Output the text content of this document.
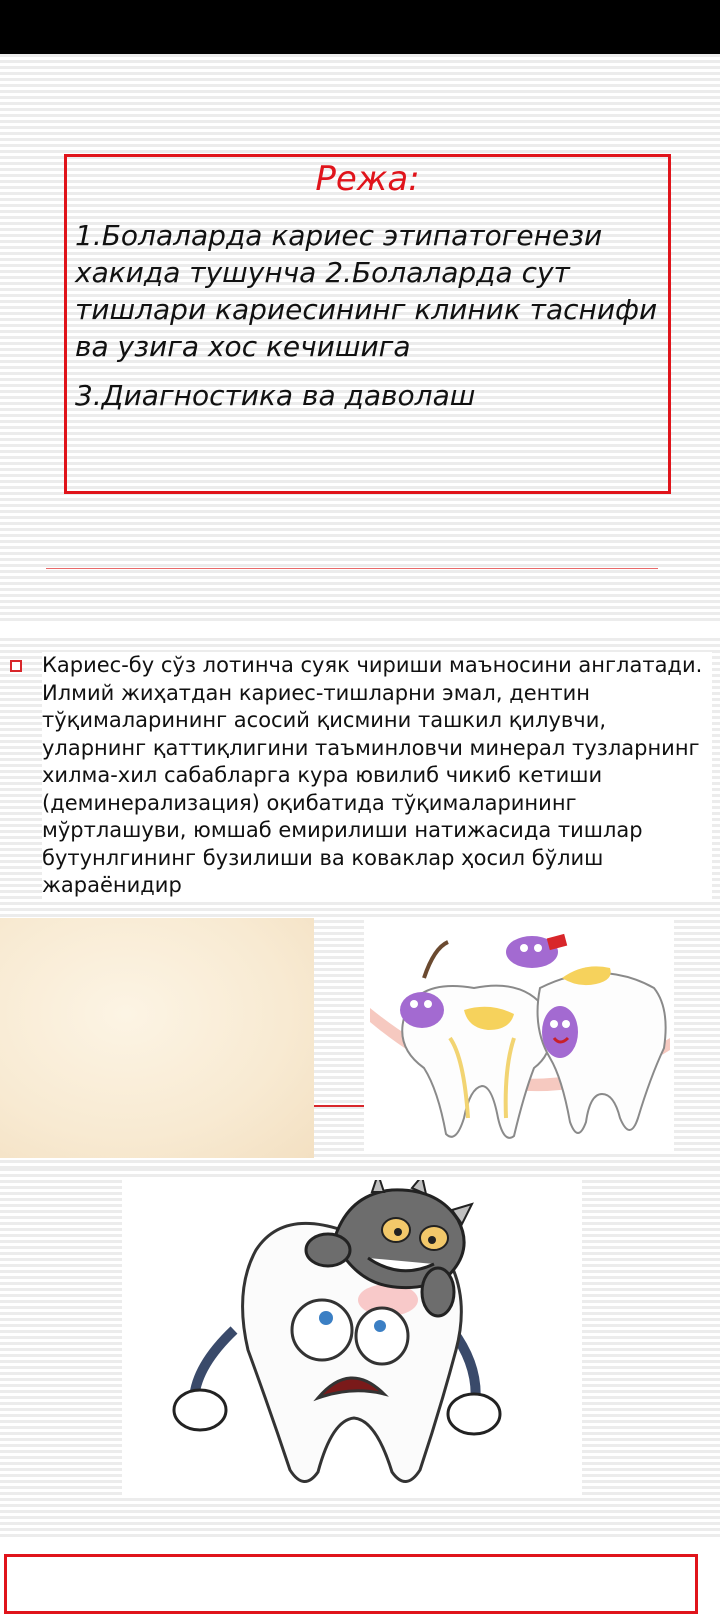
Режа:
1.Болаларда кариес этипатогенези хакида тушунча 2.Болаларда сут тишлари кариесининг клиник таснифи ва узига хос кечишига
3.Диагностика ва даволаш
Кариес-бу сўз лотинча суяк чириши маъносини англатади. Илмий жиҳатдан кариес-тишларни эмал, дентин тўқималарининг асосий қисмини ташкил қилувчи, уларнинг қаттиқлигини таъминловчи минерал тузларнинг хилма-хил сабабларга кура ювилиб чикиб кетиши (деминерализация) оқибатида тўқималарининг мўртлашуви, юмшаб емирилиши натижасида тишлар бутунлгининг бузилиши ва коваклар ҳосил бўлиш жараёнидир
